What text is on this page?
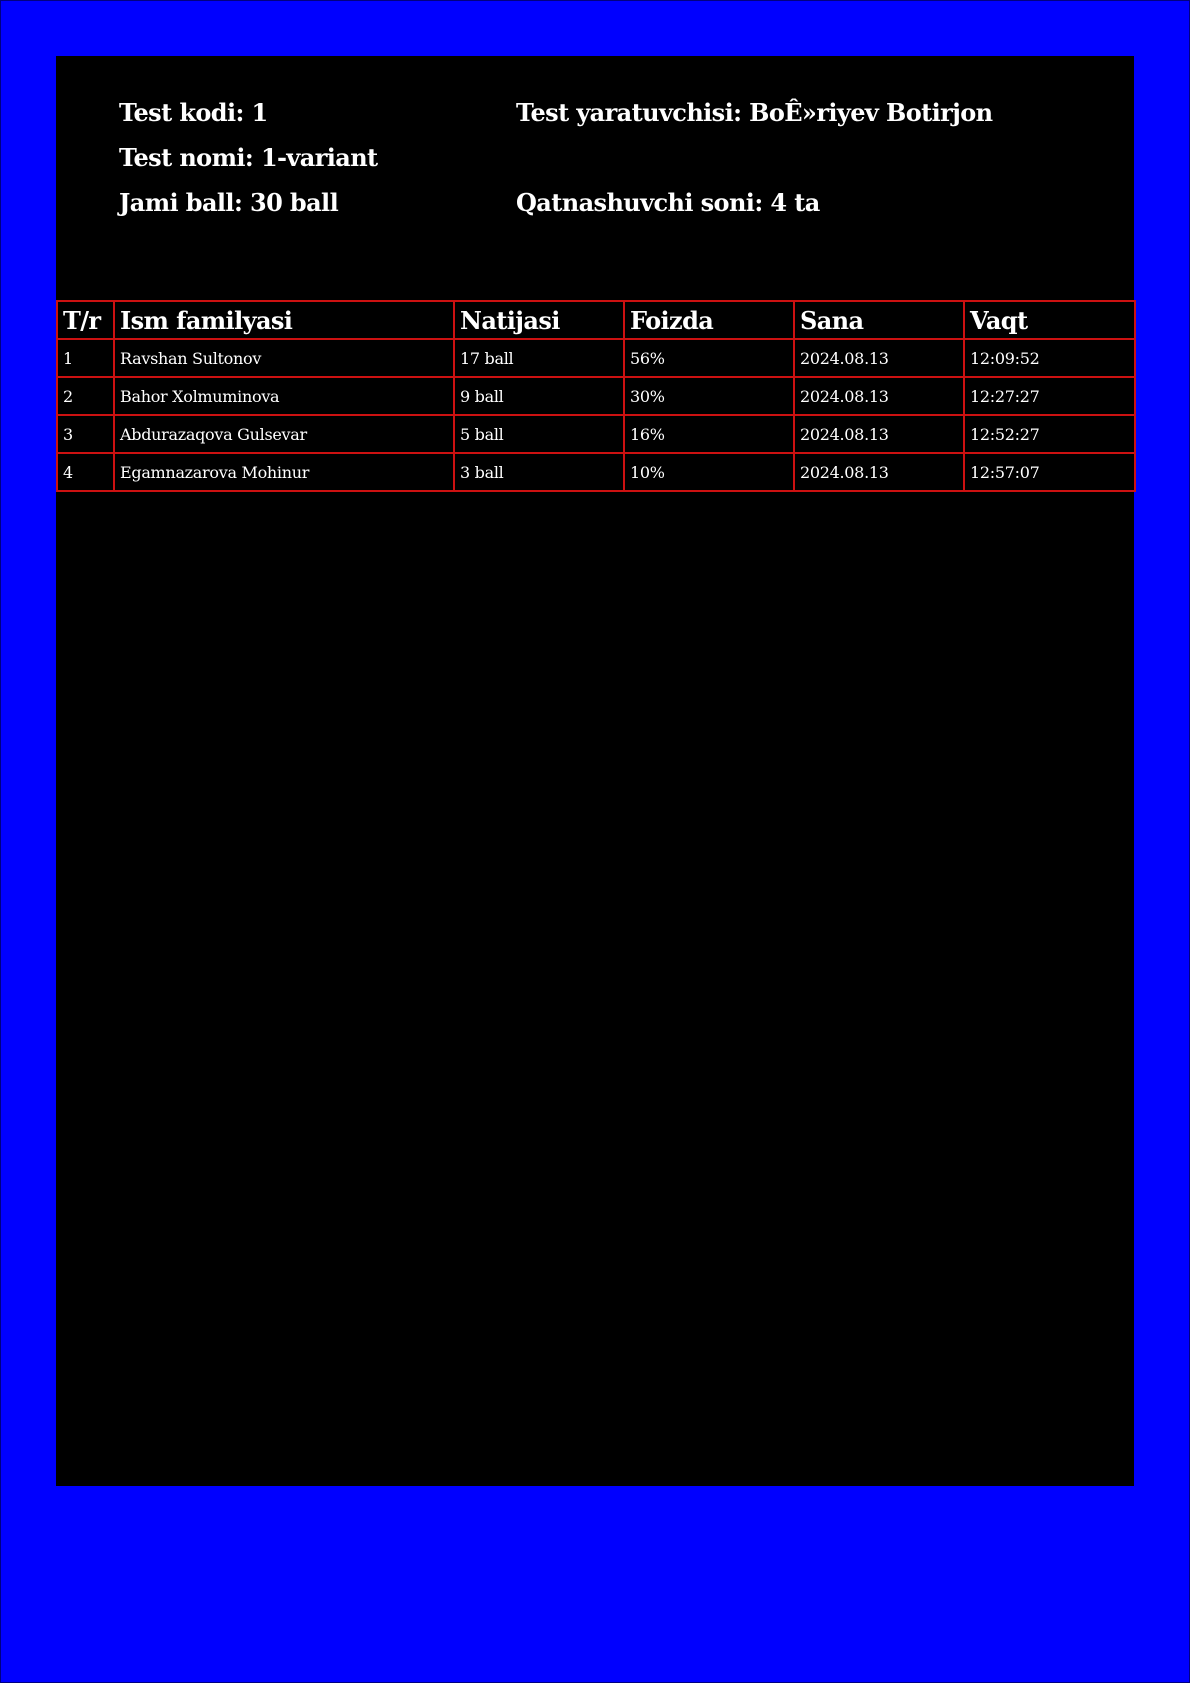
Test kodi: 1
Test nomi: 1-variant
Jami ball: 30 ball
Test yaratuvchisi: BoÊ»riyev Botirjon
Qatnashuvchi soni: 4 ta
T/r	Ism familyasi	Natijasi	Foizda	Sana	Vaqt
1	Ravshan Sultonov	17 ball	56%	2024.08.13	12:09:52
2	Bahor Xolmuminova	9 ball	30%	2024.08.13	12:27:27
3	Abdurazaqova Gulsevar	5 ball	16%	2024.08.13	12:52:27
4	Egamnazarova Mohinur	3 ball	10%	2024.08.13	12:57:07
